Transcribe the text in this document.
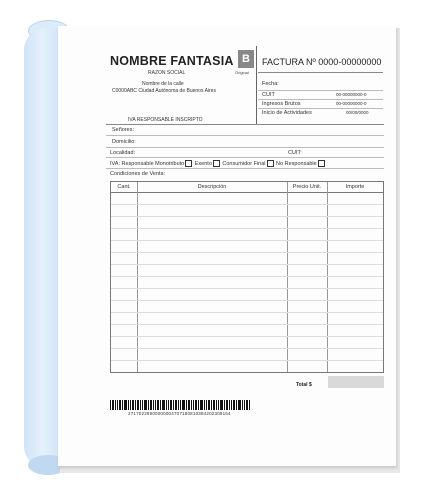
NOMBRE FANTASIA
RAZON SOCIAL
Nombre de la calle
C0000ABC Ciudad Autónoma de Buenos Aires
IVA RESPONSABLE INSCRIPTO
B
Original
FACTURA Nº 0000-00000000
Fecha:
CUIT	00-00000000-0
Ingresos Brutos	00-00000000-0
Inicio de Actividades	00/00/0000
Señores:
Domicilio:
Localidad:	CUIT:
IVA: Responsable Monotributo Exento Consumidor Final No Responsable
Condiciones de Venta:
Cant.	Descripción	Precio Unit.	Importe
Total $
27170228900000004707180810384202308154
